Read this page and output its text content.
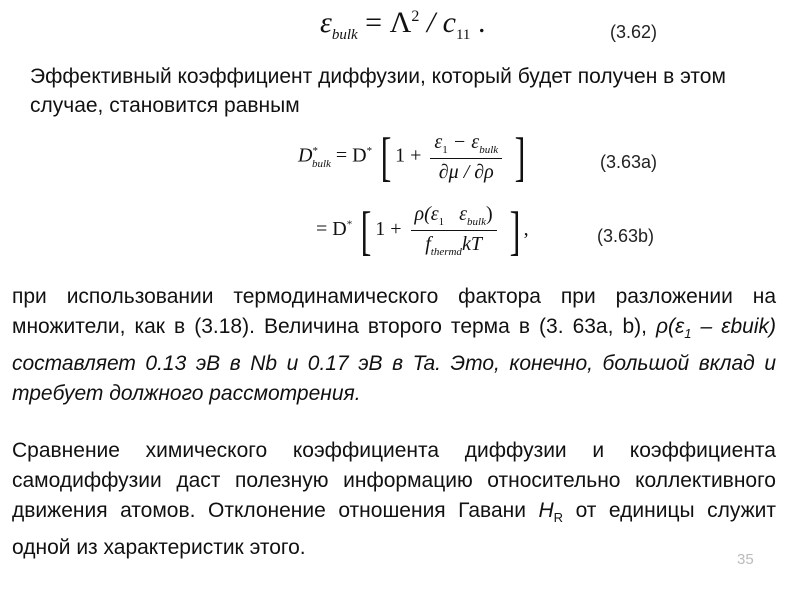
$\varepsilon_{bulk} = \Lambda^2 / c_{11}$ .	(3.62)
Эффективный коэффициент диффузии, который будет получен в этом случае, становится равным
$D^*_{bulk} = D^*$ [ $1 + \frac{\varepsilon_1 - \varepsilon_{bulk}}{\partial\mu / \partial\rho}$ ]	(3.63a)
= D* [ $1 + \frac{\rho(\varepsilon_1 \varepsilon_{bulk})}{f_{thermd}kT}$ ] ,	(3.63b)
при использовании термодинамического фактора при разложении на множители, как в (3.18). Величина второго терма в (3. 63a, b), $\rho(\varepsilon_1$ – εbuik) составляет 0.13 эВ в Nb и 0.17 эВ в Ta. Это, конечно, большой вклад и требует должного рассмотрения.
Сравнение химического коэффициента диффузии и коэффициента самодиффузии даст полезную информацию относительно коллективного движения атомов. Отклонение отношения Гавани $H_R$ от единицы служит одной из характеристик этого.
35
